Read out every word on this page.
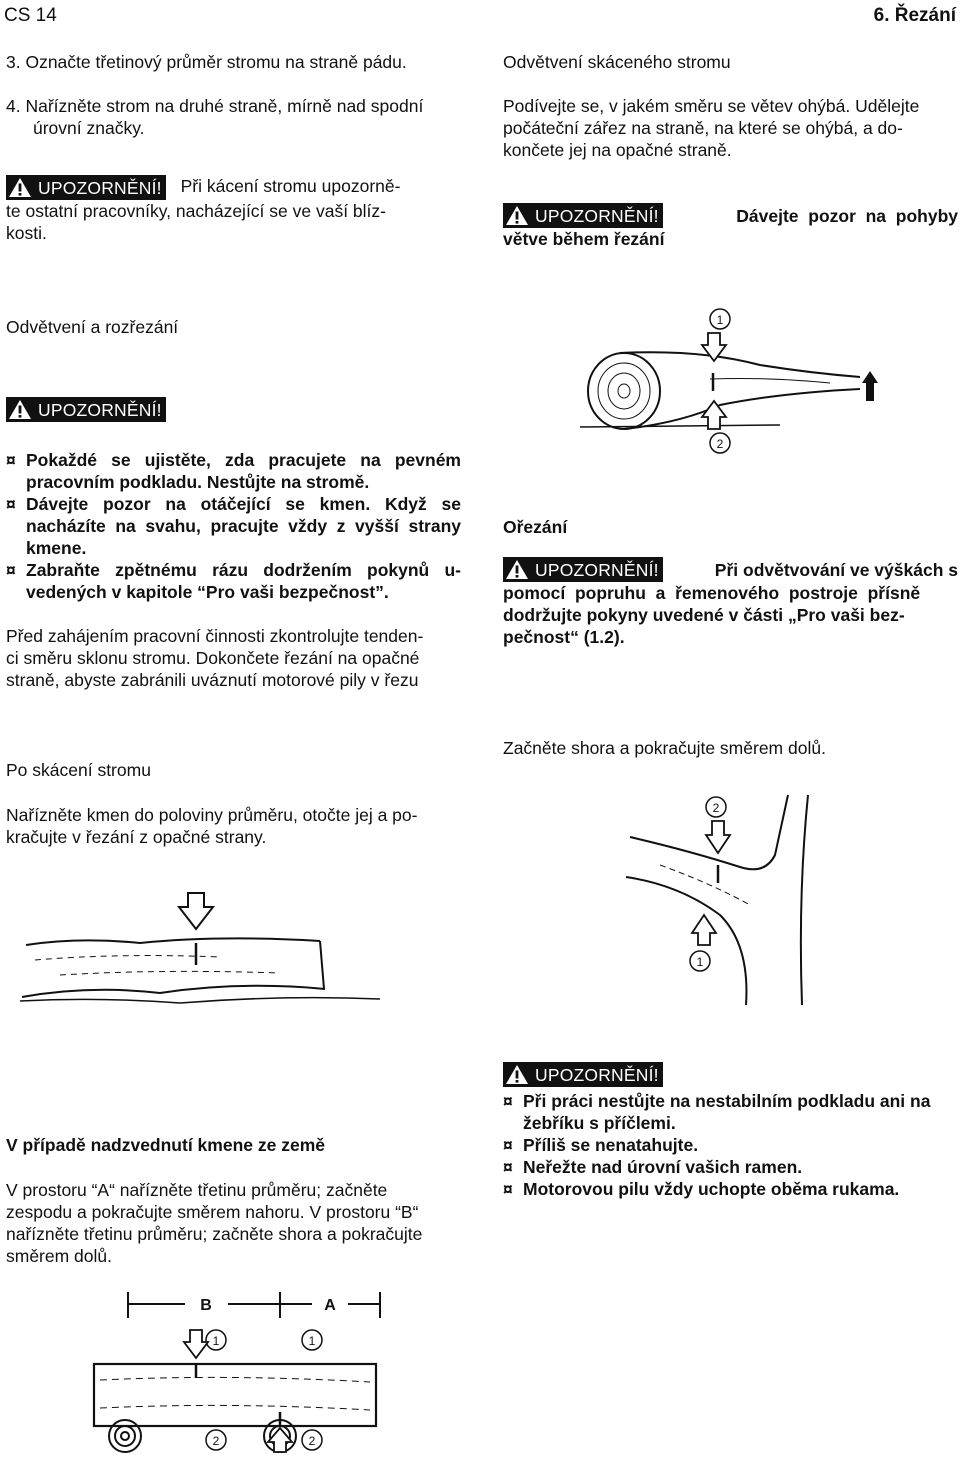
CS 14	6. Řezání
3. Označte třetinový průměr stromu na straně pádu.
4. Nařízněte strom na druhé straně, mírně nad spodní
úrovní značky.
UPOZORNĚNÍ! Při kácení stromu upozorně-
te ostatní pracovníky, nacházející se ve vaší blíz-
kosti.
Odvětvení a rozřezání
UPOZORNĚNÍ!
¤ Pokaždé se ujistěte, zda pracujete na pevném pracovním podkladu. Nestůjte na stromě.
¤ Dávejte pozor na otáčející se kmen. Když se nacházíte na svahu, pracujte vždy z vyšší strany kmene.
¤ Zabraňte zpětnému rázu dodržením pokynů u- vedených v kapitole “Pro vaši bezpečnost”.
Před zahájením pracovní činnosti zkontrolujte tenden-
ci směru sklonu stromu. Dokončete řezání na opačné
straně, abyste zabránili uváznutí motorové pily v řezu
Po skácení stromu
Nařízněte kmen do poloviny průměru, otočte jej a po-
kračujte v řezání z opačné strany.
V případě nadzvednutí kmene ze země
V prostoru “A“ nařízněte třetinu průměru; začněte
zespodu a pokračujte směrem nahoru. V prostoru “B“
nařízněte třetinu průměru; začněte shora a pokračujte
směrem dolů.
B	A
1
2
1
2
Odvětvení skáceného stromu
Podívejte se, v jakém směru se větev ohýbá. Udělejte
počáteční zářez na straně, na které se ohýbá, a do-
končete jej na opačné straně.
UPOZORNĚNÍ!	Dávejte  pozor  na  pohyby
větve během řezání
1
2
Ořezání
UPOZORNĚNÍ!	Při odvětvování ve výškách s
pomocí  popruhu  a  řemenového  postroje  přísně
dodržujte pokyny uvedené v části „Pro vaši bez-
pečnost“ (1.2).
Začněte shora a pokračujte směrem dolů.
2
1
UPOZORNĚNÍ!
¤ Při práci nestůjte na nestabilním podkladu ani na žebříku s příčlemi.
¤ Příliš se nenatahujte.
¤ Neřežte nad úrovní vašich ramen.
¤ Motorovou pilu vždy uchopte oběma rukama.
